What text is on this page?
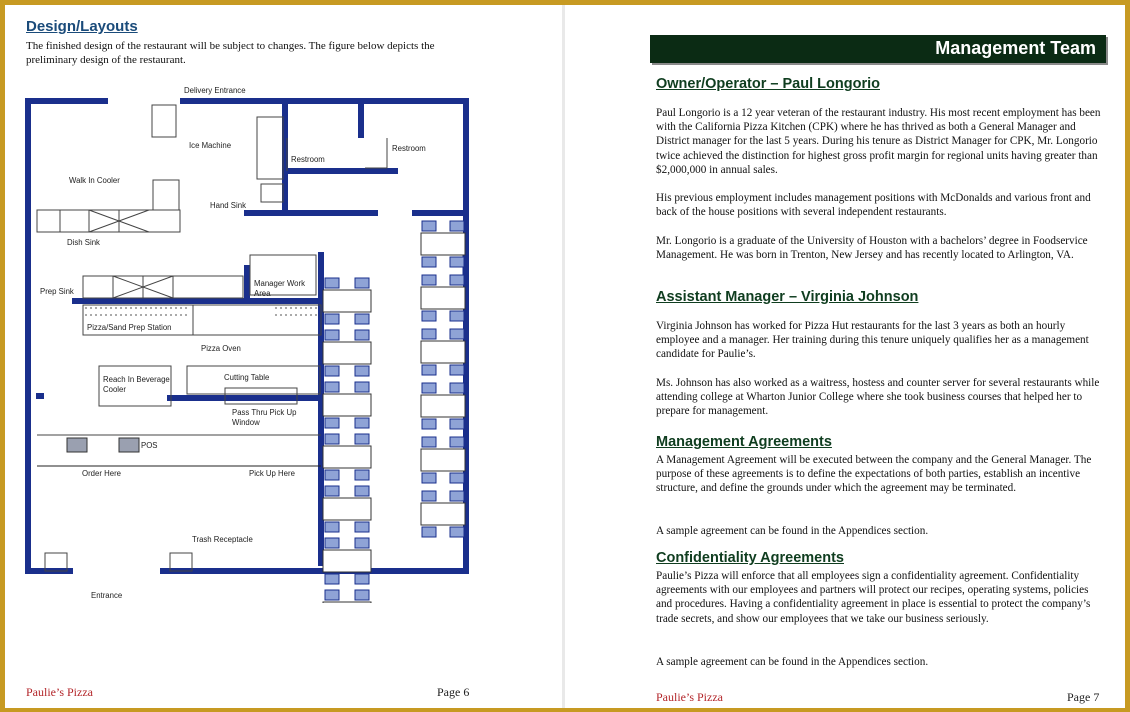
Design/Layouts

The finished design of the restaurant will be subject to changes. The figure below depicts the preliminary design of the restaurant.

Delivery Entrance
Ice Machine
Restroom
Restroom
Walk In Cooler
Hand Sink
Dish Sink
Prep Sink
Manager Work Area
Pizza/Sand Prep Station
Pizza Oven
Reach In Beverage Cooler
Cutting Table
Pass Thru Pick Up Window
POS
Order Here	Pick Up Here
Trash Receptacle
Entrance
Management Team
Owner/Operator – Paul Longorio

Paul Longorio is a 12 year veteran of the restaurant industry. His most recent employment has been with the California Pizza Kitchen (CPK) where he has thrived as both a General Manager and District manager for the last 5 years. During his tenure as District Manager for CPK, Mr. Longorio twice achieved the distinction for highest gross profit margin for regional units having greater than $2,000,000 in annual sales.

His previous employment includes management positions with McDonalds and various front and back of the house positions with several independent restaurants.

Mr. Longorio is a graduate of the University of Houston with a bachelors’ degree in Foodservice Management. He was born in Trenton, New Jersey and has recently located to Arlington, VA.

Assistant Manager – Virginia Johnson

Virginia Johnson has worked for Pizza Hut restaurants for the last 3 years as both an hourly employee and a manager. Her training during this tenure uniquely qualifies her as a management candidate for Paulie’s.

Ms. Johnson has also worked as a waitress, hostess and counter server for several restaurants while attending college at Wharton Junior College where she took business courses that helped her to prepare for management.

Management Agreements

A Management Agreement will be executed between the company and the General Manager. The purpose of these agreements is to define the expectations of both parties, establish an incentive structure, and define the grounds under which the agreement may be terminated.

A sample agreement can be found in the Appendices section.

Confidentiality Agreements

Paulie’s Pizza will enforce that all employees sign a confidentiality agreement. Confidentiality agreements with our employees and partners will protect our recipes, operating systems, policies and procedures. Having a confidentiality agreement in place is essential to protect the company’s trade secrets, and show our employees that we take our business seriously.

A sample agreement can be found in the Appendices section.

Paulie’s Pizza	Page 7
Paulie’s Pizza	Page 6
